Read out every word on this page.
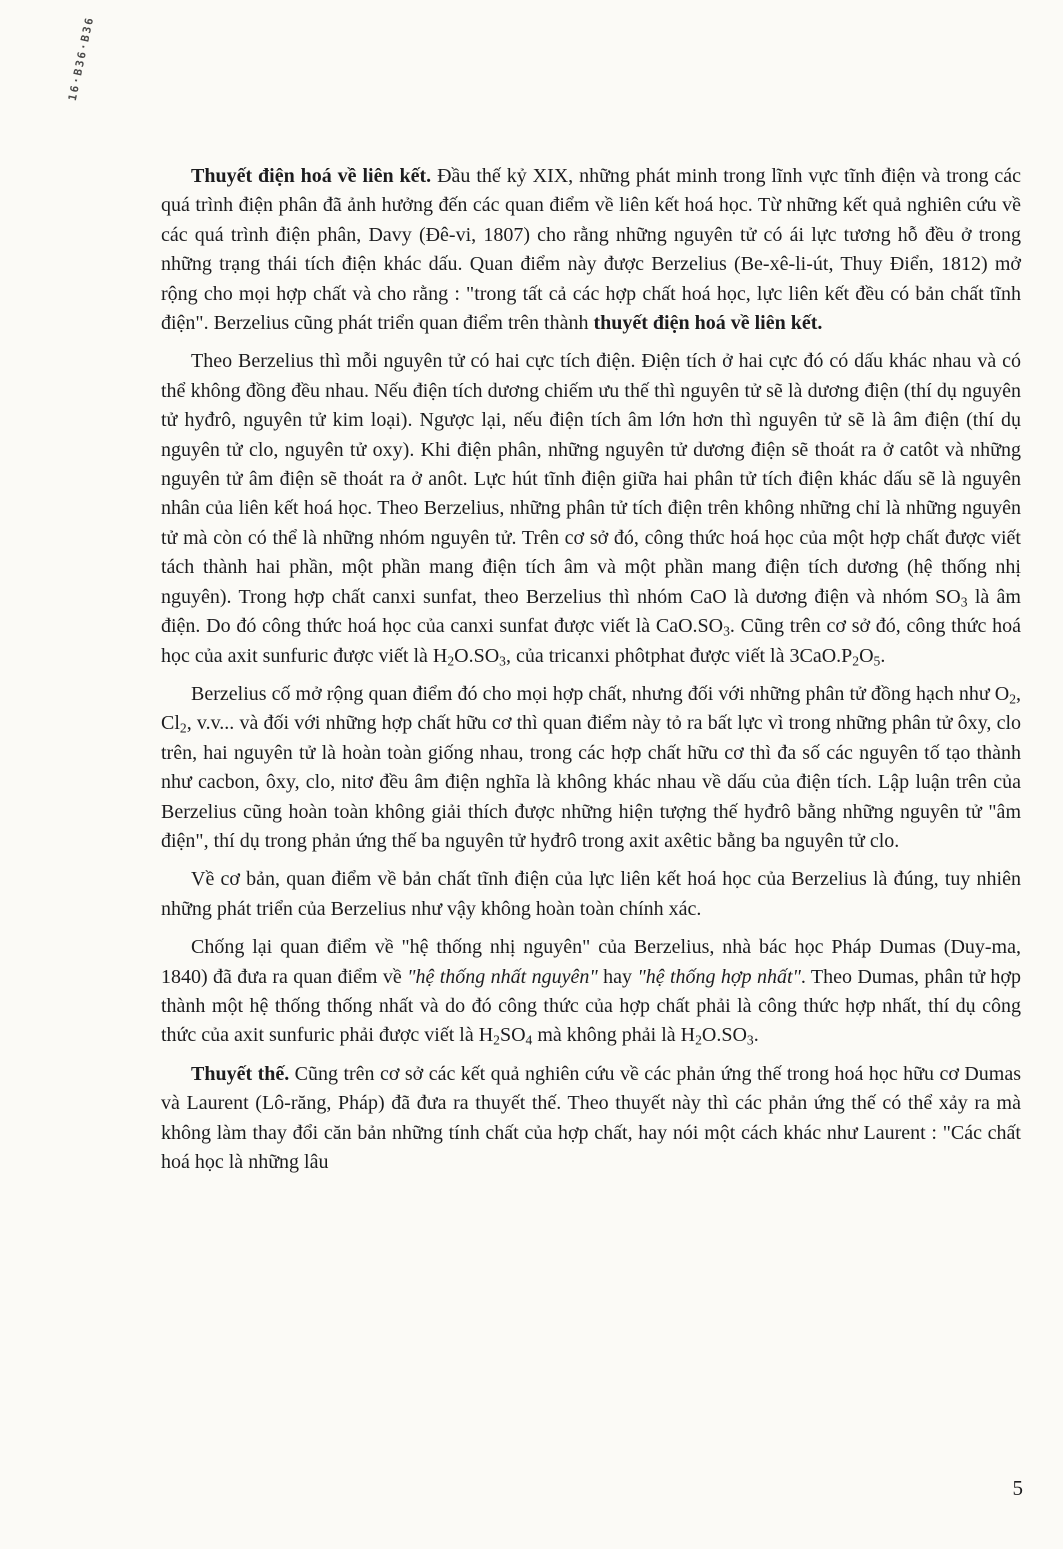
16·B36·B36

Thuyết điện hoá về liên kết. Đầu thế kỷ XIX, những phát minh trong lĩnh vực tĩnh điện và trong các quá trình điện phân đã ảnh hưởng đến các quan điểm về liên kết hoá học. Từ những kết quả nghiên cứu về các quá trình điện phân, Davy (Đê-vi, 1807) cho rằng những nguyên tử có ái lực tương hỗ đều ở trong những trạng thái tích điện khác dấu. Quan điểm này được Berzelius (Be-xê-li-út, Thuy Điển, 1812) mở rộng cho mọi hợp chất và cho rằng : "trong tất cả các hợp chất hoá học, lực liên kết đều có bản chất tĩnh điện". Berzelius cũng phát triển quan điểm trên thành thuyết điện hoá về liên kết.

Theo Berzelius thì mỗi nguyên tử có hai cực tích điện. Điện tích ở hai cực đó có dấu khác nhau và có thể không đồng đều nhau. Nếu điện tích dương chiếm ưu thế thì nguyên tử sẽ là dương điện (thí dụ nguyên tử hyđrô, nguyên tử kim loại). Ngược lại, nếu điện tích âm lớn hơn thì nguyên tử sẽ là âm điện (thí dụ nguyên tử clo, nguyên tử oxy). Khi điện phân, những nguyên tử dương điện sẽ thoát ra ở catôt và những nguyên tử âm điện sẽ thoát ra ở anôt. Lực hút tĩnh điện giữa hai phân tử tích điện khác dấu sẽ là nguyên nhân của liên kết hoá học. Theo Berzelius, những phân tử tích điện trên không những chỉ là những nguyên tử mà còn có thể là những nhóm nguyên tử. Trên cơ sở đó, công thức hoá học của một hợp chất được viết tách thành hai phần, một phần mang điện tích âm và một phần mang điện tích dương (hệ thống nhị nguyên). Trong hợp chất canxi sunfat, theo Berzelius thì nhóm CaO là dương điện và nhóm $SO_3$ là âm điện. Do đó công thức hoá học của canxi sunfat được viết là $CaO.SO_3$. Cũng trên cơ sở đó, công thức hoá học của axit sunfuric được viết là $H_2O.SO_3$, của tricanxi phôtphat được viết là $3CaO.P_2O_5$.

Berzelius cố mở rộng quan điểm đó cho mọi hợp chất, nhưng đối với những phân tử đồng hạch như $O_2$, $Cl_2$, v.v... và đối với những hợp chất hữu cơ thì quan điểm này tỏ ra bất lực vì trong những phân tử ôxy, clo trên, hai nguyên tử là hoàn toàn giống nhau, trong các hợp chất hữu cơ thì đa số các nguyên tố tạo thành như cacbon, ôxy, clo, nitơ đều âm điện nghĩa là không khác nhau về dấu của điện tích. Lập luận trên của Berzelius cũng hoàn toàn không giải thích được những hiện tượng thế hyđrô bằng những nguyên tử "âm điện", thí dụ trong phản ứng thế ba nguyên tử hyđrô trong axit axêtic bằng ba nguyên tử clo.

Về cơ bản, quan điểm về bản chất tĩnh điện của lực liên kết hoá học của Berzelius là đúng, tuy nhiên những phát triển của Berzelius như vậy không hoàn toàn chính xác.

Chống lại quan điểm về "hệ thống nhị nguyên" của Berzelius, nhà bác học Pháp Dumas (Duy-ma, 1840) đã đưa ra quan điểm về "hệ thống nhất nguyên" hay "hệ thống hợp nhất". Theo Dumas, phân tử hợp thành một hệ thống thống nhất và do đó công thức của hợp chất phải là công thức hợp nhất, thí dụ công thức của axit sunfuric phải được viết là $H_2SO_4$ mà không phải là $H_2O.SO_3$.

Thuyết thế. Cũng trên cơ sở các kết quả nghiên cứu về các phản ứng thế trong hoá học hữu cơ Dumas và Laurent (Lô-răng, Pháp) đã đưa ra thuyết thế. Theo thuyết này thì các phản ứng thế có thể xảy ra mà không làm thay đổi căn bản những tính chất của hợp chất, hay nói một cách khác như Laurent : "Các chất hoá học là những lâu

5
